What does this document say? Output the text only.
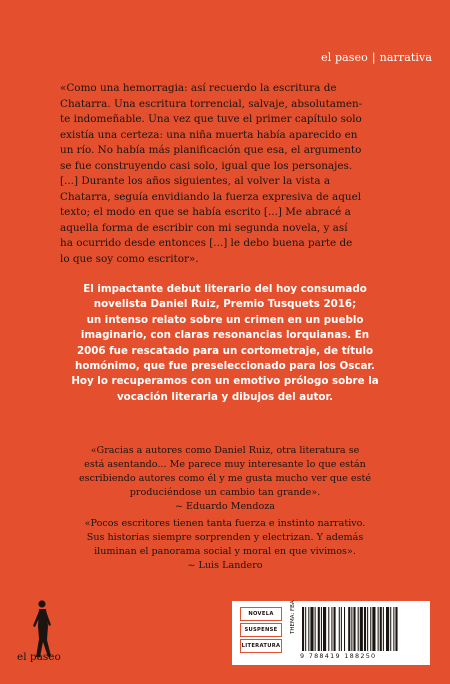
el paseo | narrativa

«Como una hemorragia: así recuerdo la escritura de

Chatarra. Una escritura torrencial, salvaje, absolutamen-

te indomeñable. Una vez que tuve el primer capítulo solo

existía una certeza: una niña muerta había aparecido en

un río. No había más planificación que esa, el argumento

se fue construyendo casi solo, igual que los personajes.

[...] Durante los años siguientes, al volver la vista a

Chatarra, seguía envidiando la fuerza expresiva de aquel

texto; el modo en que se había escrito [...] Me abracé a

aquella forma de escribir con mi segunda novela, y así

ha ocurrido desde entonces [...] le debo buena parte de

lo que soy como escritor».

El impactante debut literario del hoy consumado

novelista Daniel Ruiz, Premio Tusquets 2016;

un intenso relato sobre un crimen en un pueblo

imaginario, con claras resonancias lorquianas. En

2006 fue rescatado para un cortometraje, de título

homónimo, que fue preseleccionado para los Oscar.

Hoy lo recuperamos con un emotivo prólogo sobre la

vocación literaria y dibujos del autor.

«Gracias a autores como Daniel Ruiz, otra literatura se

está asentando... Me parece muy interesante lo que están

escribiendo autores como él y me gusta mucho ver que esté

produciéndose un cambio tan grande».

~ Eduardo Mendoza

«Pocos escritores tienen tanta fuerza e instinto narrativo.

Sus historias siempre sorprenden y electrizan. Y además

iluminan el panorama social y moral en que vivimos».

~ Luis Landero
el paseo
NOVELA
SUSPENSE
LITERATURA
THEMA: FBA
9 788419 188250
